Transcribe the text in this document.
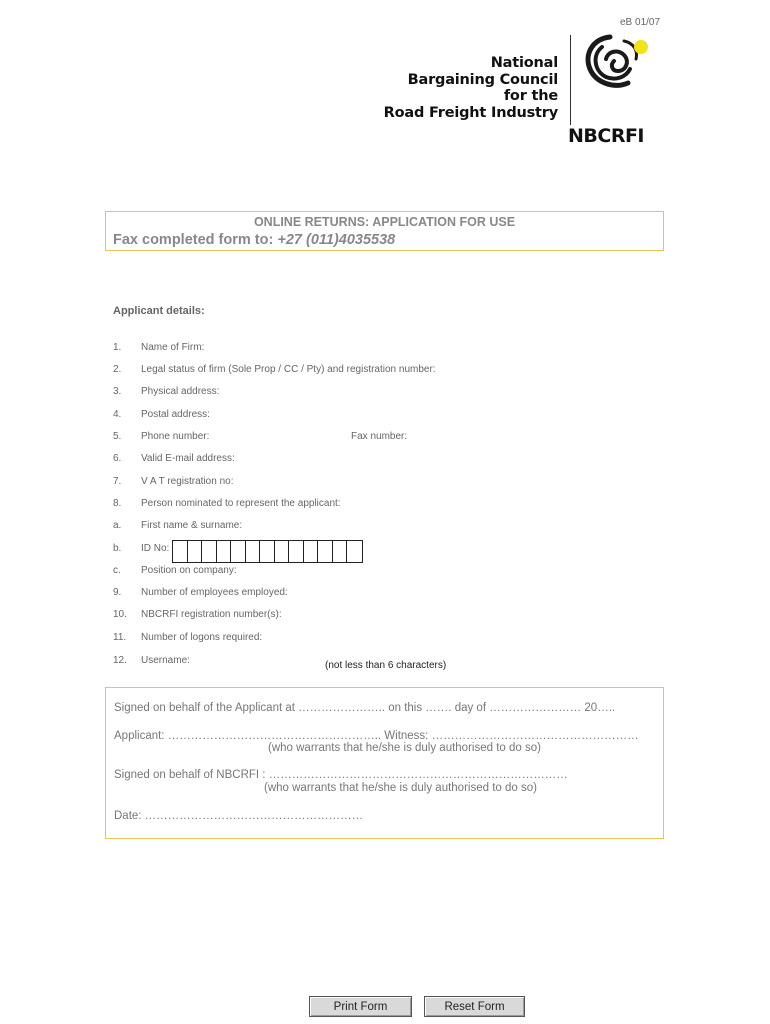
eB 01/07
National
Bargaining Council
for the
Road Freight Industry
NBCRFI
ONLINE RETURNS: APPLICATION FOR USE
Fax completed form to: +27 (011)4035538
Applicant details:
1. Name of Firm:
2. Legal status of firm (Sole Prop / CC / Pty) and registration number:
3. Physical address:
4. Postal address:
5. Phone number:	Fax number:
6. Valid E-mail address:
7. V A T registration no:
8. Person nominated to represent the applicant:
a. First name & surname:
b. ID No:
c. Position on company:
9. Number of employees employed:
10. NBCRFI registration number(s):
11. Number of logons required:
12. Username:	(not less than 6 characters)
Signed on behalf of the Applicant at ………………….. on this ……. day of …………………… 20…..
Applicant: ……………………………………………….. Witness: ………………………………………………
(who warrants that he/she is duly authorised to do so)
Signed on behalf of NBCRFI : ……………………………………………………………………
(who warrants that he/she is duly authorised to do so)
Date: …………………………………………………
Print Form	Reset Form
